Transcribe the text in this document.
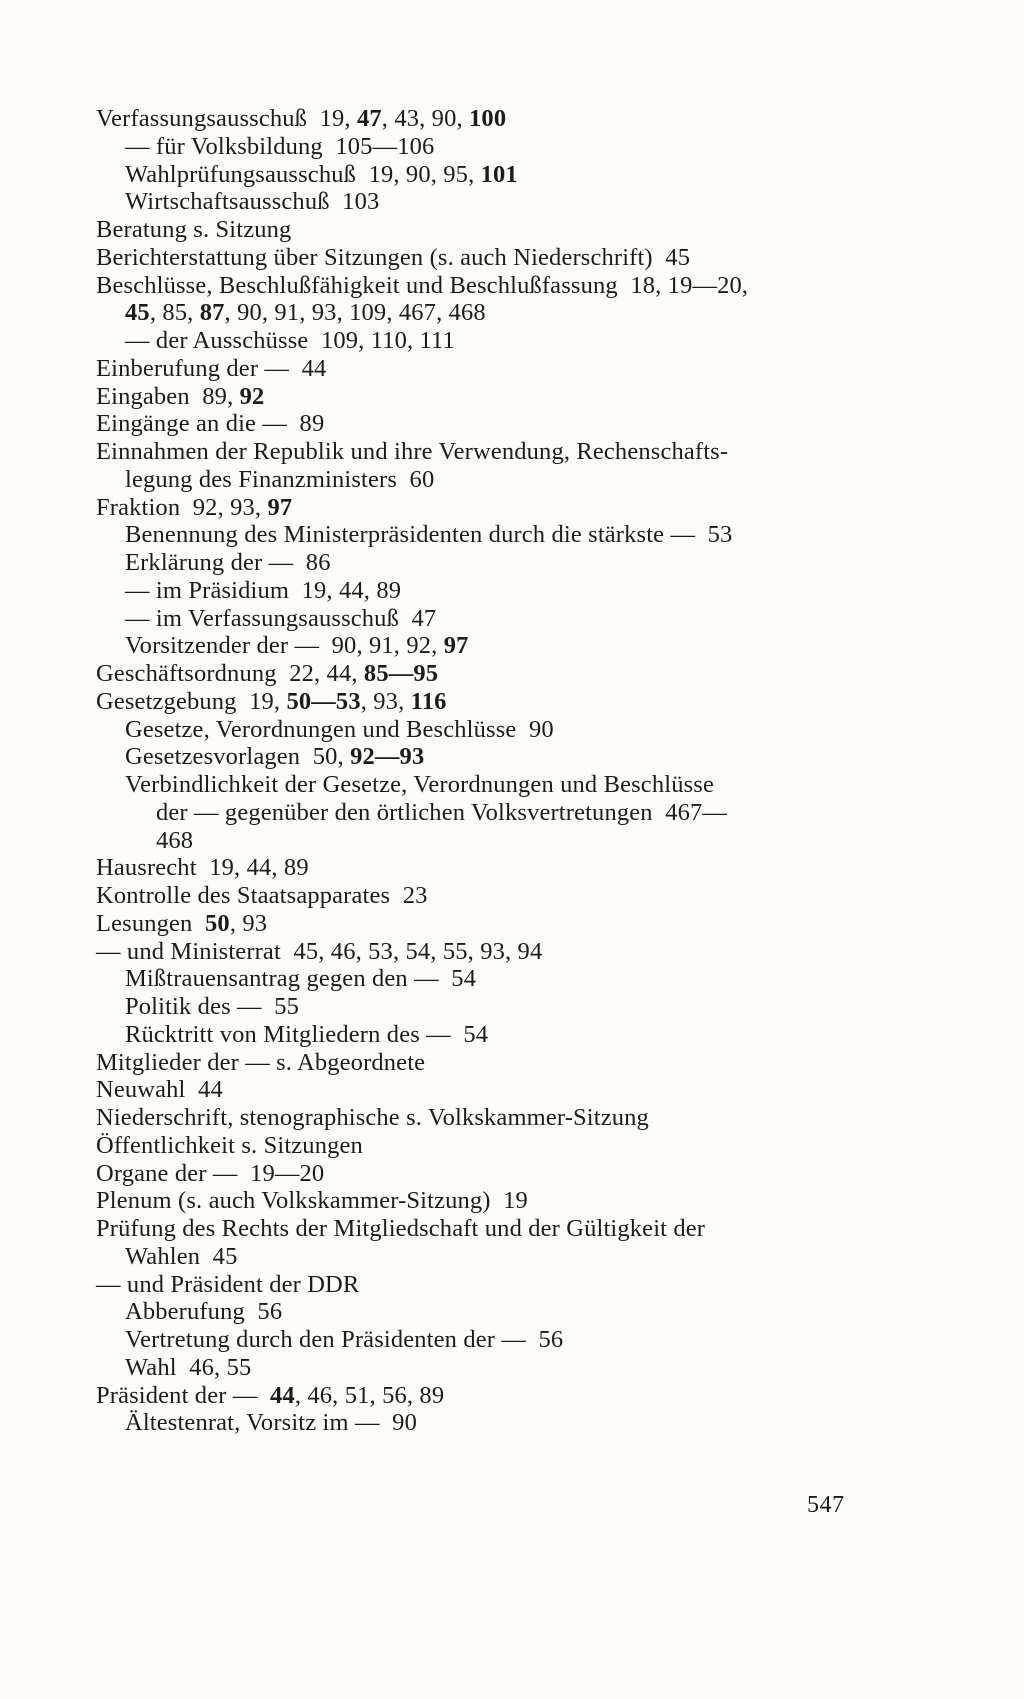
Verfassungsausschuß  19, 47, 43, 90, 100
— für Volksbildung  105—106
Wahlprüfungsausschuß  19, 90, 95, 101
Wirtschaftsausschuß  103
Beratung s. Sitzung
Berichterstattung über Sitzungen (s. auch Niederschrift)  45
Beschlüsse, Beschlußfähigkeit und Beschlußfassung  18, 19—20,
45, 85, 87, 90, 91, 93, 109, 467, 468
— der Ausschüsse  109, 110, 111
Einberufung der —  44
Eingaben  89, 92
Eingänge an die —  89
Einnahmen der Republik und ihre Verwendung, Rechenschafts-
legung des Finanzministers  60
Fraktion  92, 93, 97
Benennung des Ministerpräsidenten durch die stärkste —  53
Erklärung der —  86
— im Präsidium  19, 44, 89
— im Verfassungsausschuß  47
Vorsitzender der —  90, 91, 92, 97
Geschäftsordnung  22, 44, 85—95
Gesetzgebung  19, 50—53, 93, 116
Gesetze, Verordnungen und Beschlüsse  90
Gesetzesvorlagen  50, 92—93
Verbindlichkeit der Gesetze, Verordnungen und Beschlüsse
der — gegenüber den örtlichen Volksvertretungen  467—
468
Hausrecht  19, 44, 89
Kontrolle des Staatsapparates  23
Lesungen  50, 93
— und Ministerrat  45, 46, 53, 54, 55, 93, 94
Mißtrauensantrag gegen den —  54
Politik des —  55
Rücktritt von Mitgliedern des —  54
Mitglieder der — s. Abgeordnete
Neuwahl  44
Niederschrift, stenographische s. Volkskammer-Sitzung
Öffentlichkeit s. Sitzungen
Organe der —  19—20
Plenum (s. auch Volkskammer-Sitzung)  19
Prüfung des Rechts der Mitgliedschaft und der Gültigkeit der
Wahlen  45
— und Präsident der DDR
Abberufung  56
Vertretung durch den Präsidenten der —  56
Wahl  46, 55
Präsident der —  44, 46, 51, 56, 89
Ältestenrat, Vorsitz im —  90
547
